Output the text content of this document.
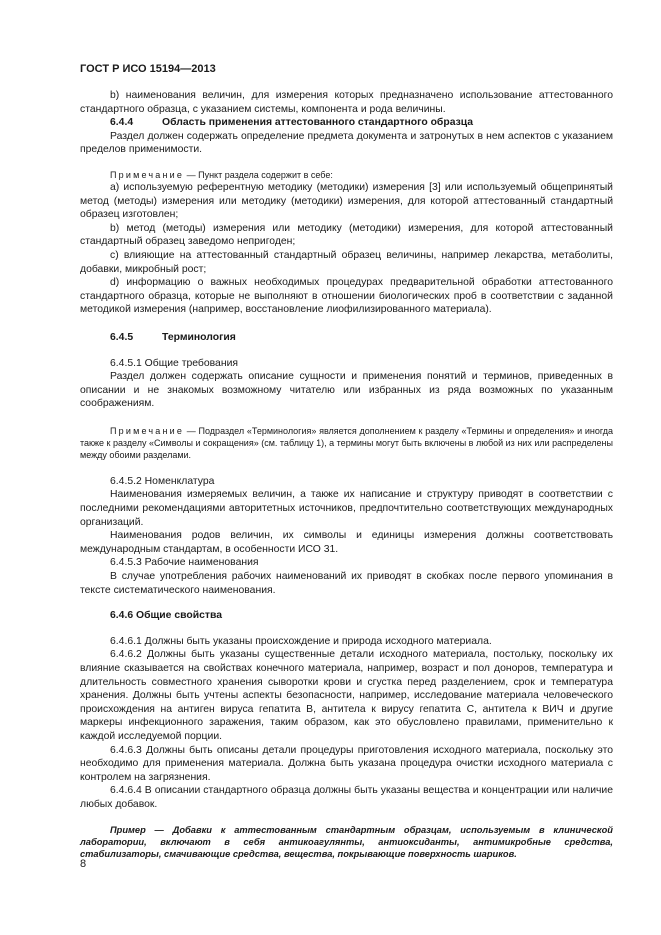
ГОСТ Р ИСО 15194—2013

b) наименования величин, для измерения которых предназначено использование аттестованного стандартного образца, с указанием системы, компонента и рода величины.

6.4.4	Область применения аттестованного стандартного образца

Раздел должен содержать определение предмета документа и затронутых в нем аспектов с указанием пределов применимости.

Примечание — Пункт раздела содержит в себе:

a) используемую референтную методику (методики) измерения [3] или используемый общепринятый метод (методы) измерения или методику (методики) измерения, для которой аттестованный стандартный образец изготовлен;

b) метод (методы) измерения или методику (методики) измерения, для которой аттестованный стандартный образец заведомо непригоден;

c) влияющие на аттестованный стандартный образец величины, например лекарства, метаболиты, добавки, микробный рост;

d) информацию о важных необходимых процедурах предварительной обработки аттестованного стандартного образца, которые не выполняют в отношении биологических проб в соответствии с заданной методикой измерения (например, восстановление лиофилизированного материала).

6.4.5	Терминология

6.4.5.1 Общие требования

Раздел должен содержать описание сущности и применения понятий и терминов, приведенных в описании и не знакомых возможному читателю или избранных из ряда возможных по указанным соображениям.

Примечание — Подраздел «Терминология» является дополнением к разделу «Термины и определения» и иногда также к разделу «Символы и сокращения» (см. таблицу 1), а термины могут быть включены в любой из них или распределены между обоими разделами.

6.4.5.2 Номенклатура

Наименования измеряемых величин, а также их написание и структуру приводят в соответствии с последними рекомендациями авторитетных источников, предпочтительно соответствующих международных организаций.

Наименования родов величин, их символы и единицы измерения должны соответствовать международным стандартам, в особенности ИСО 31.

6.4.5.3 Рабочие наименования

В случае употребления рабочих наименований их приводят в скобках после первого упоминания в тексте систематического наименования.

6.4.6 Общие свойства

6.4.6.1 Должны быть указаны происхождение и природа исходного материала.

6.4.6.2 Должны быть указаны существенные детали исходного материала, постольку, поскольку их влияние сказывается на свойствах конечного материала, например, возраст и пол доноров, температура и длительность совместного хранения сыворотки крови и сгустка перед разделением, срок и температура хранения. Должны быть учтены аспекты безопасности, например, исследование материала человеческого происхождения на антиген вируса гепатита B, антитела к вирусу гепатита C, антитела к ВИЧ и другие маркеры инфекционного заражения, таким образом, как это обусловлено правилами, применительно к каждой исследуемой порции.

6.4.6.3 Должны быть описаны детали процедуры приготовления исходного материала, поскольку это необходимо для применения материала. Должна быть указана процедура очистки исходного материала с контролем на загрязнения.

6.4.6.4 В описании стандартного образца должны быть указаны вещества и концентрации или наличие любых добавок.

Пример — Добавки к аттестованным стандартным образцам, используемым в клинической лаборатории, включают в себя антикоагулянты, антиоксиданты, антимикробные средства, стабилизаторы, смачивающие средства, вещества, покрывающие поверхность шариков.

8
